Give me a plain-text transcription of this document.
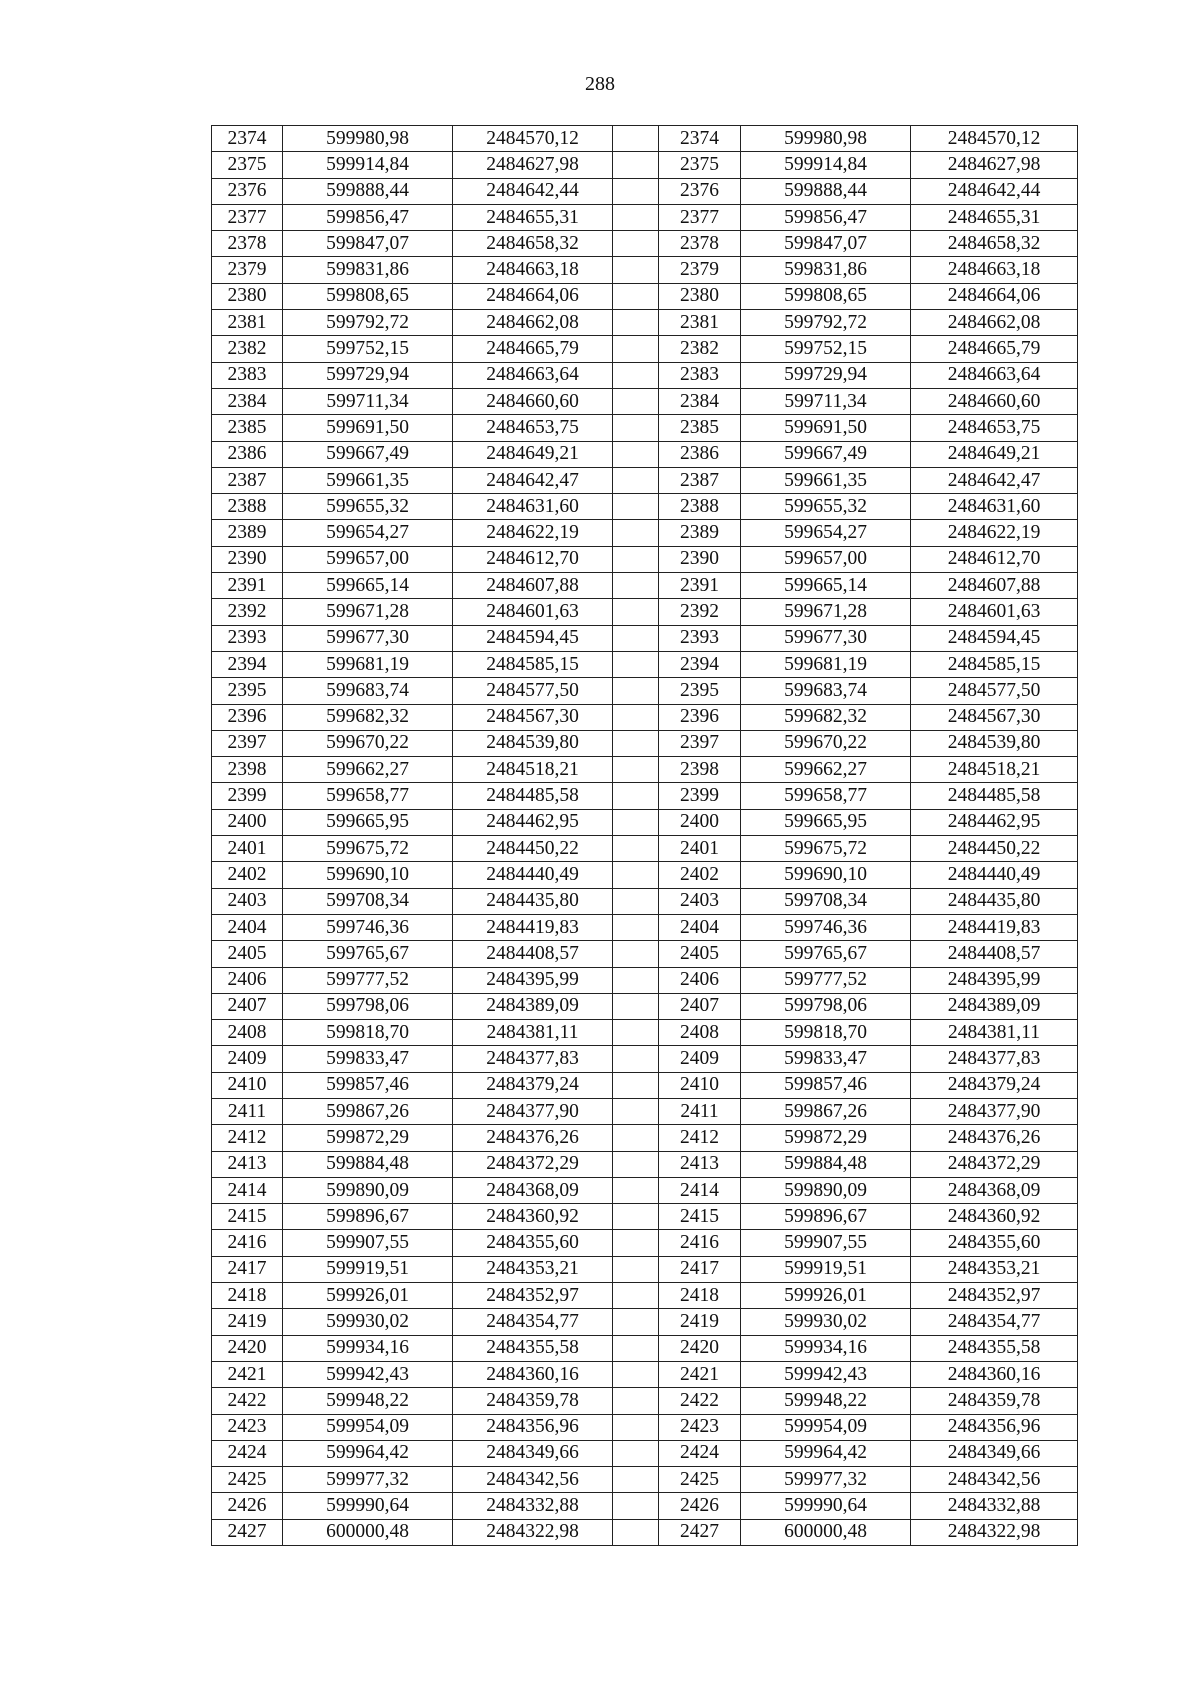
288
2374	599980,98	2484570,12		2374	599980,98	2484570,12
2375	599914,84	2484627,98		2375	599914,84	2484627,98
2376	599888,44	2484642,44		2376	599888,44	2484642,44
2377	599856,47	2484655,31		2377	599856,47	2484655,31
2378	599847,07	2484658,32		2378	599847,07	2484658,32
2379	599831,86	2484663,18		2379	599831,86	2484663,18
2380	599808,65	2484664,06		2380	599808,65	2484664,06
2381	599792,72	2484662,08		2381	599792,72	2484662,08
2382	599752,15	2484665,79		2382	599752,15	2484665,79
2383	599729,94	2484663,64		2383	599729,94	2484663,64
2384	599711,34	2484660,60		2384	599711,34	2484660,60
2385	599691,50	2484653,75		2385	599691,50	2484653,75
2386	599667,49	2484649,21		2386	599667,49	2484649,21
2387	599661,35	2484642,47		2387	599661,35	2484642,47
2388	599655,32	2484631,60		2388	599655,32	2484631,60
2389	599654,27	2484622,19		2389	599654,27	2484622,19
2390	599657,00	2484612,70		2390	599657,00	2484612,70
2391	599665,14	2484607,88		2391	599665,14	2484607,88
2392	599671,28	2484601,63		2392	599671,28	2484601,63
2393	599677,30	2484594,45		2393	599677,30	2484594,45
2394	599681,19	2484585,15		2394	599681,19	2484585,15
2395	599683,74	2484577,50		2395	599683,74	2484577,50
2396	599682,32	2484567,30		2396	599682,32	2484567,30
2397	599670,22	2484539,80		2397	599670,22	2484539,80
2398	599662,27	2484518,21		2398	599662,27	2484518,21
2399	599658,77	2484485,58		2399	599658,77	2484485,58
2400	599665,95	2484462,95		2400	599665,95	2484462,95
2401	599675,72	2484450,22		2401	599675,72	2484450,22
2402	599690,10	2484440,49		2402	599690,10	2484440,49
2403	599708,34	2484435,80		2403	599708,34	2484435,80
2404	599746,36	2484419,83		2404	599746,36	2484419,83
2405	599765,67	2484408,57		2405	599765,67	2484408,57
2406	599777,52	2484395,99		2406	599777,52	2484395,99
2407	599798,06	2484389,09		2407	599798,06	2484389,09
2408	599818,70	2484381,11		2408	599818,70	2484381,11
2409	599833,47	2484377,83		2409	599833,47	2484377,83
2410	599857,46	2484379,24		2410	599857,46	2484379,24
2411	599867,26	2484377,90		2411	599867,26	2484377,90
2412	599872,29	2484376,26		2412	599872,29	2484376,26
2413	599884,48	2484372,29		2413	599884,48	2484372,29
2414	599890,09	2484368,09		2414	599890,09	2484368,09
2415	599896,67	2484360,92		2415	599896,67	2484360,92
2416	599907,55	2484355,60		2416	599907,55	2484355,60
2417	599919,51	2484353,21		2417	599919,51	2484353,21
2418	599926,01	2484352,97		2418	599926,01	2484352,97
2419	599930,02	2484354,77		2419	599930,02	2484354,77
2420	599934,16	2484355,58		2420	599934,16	2484355,58
2421	599942,43	2484360,16		2421	599942,43	2484360,16
2422	599948,22	2484359,78		2422	599948,22	2484359,78
2423	599954,09	2484356,96		2423	599954,09	2484356,96
2424	599964,42	2484349,66		2424	599964,42	2484349,66
2425	599977,32	2484342,56		2425	599977,32	2484342,56
2426	599990,64	2484332,88		2426	599990,64	2484332,88
2427	600000,48	2484322,98		2427	600000,48	2484322,98
